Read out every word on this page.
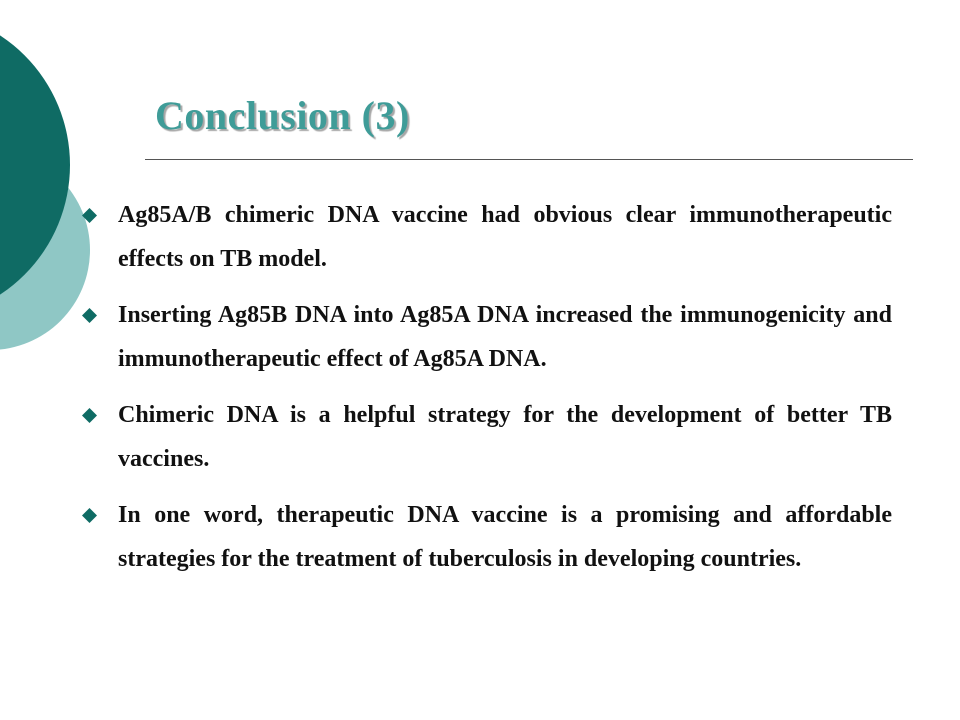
Conclusion (3)
Ag85A/B chimeric DNA vaccine had obvious clear immunotherapeutic effects on TB model.
Inserting Ag85B DNA into Ag85A DNA increased the immunogenicity and immunotherapeutic effect of Ag85A DNA.
Chimeric DNA is a helpful strategy for the development of better TB vaccines.
In one word, therapeutic DNA vaccine is a promising and affordable strategies for the treatment of tuberculosis in developing countries.
